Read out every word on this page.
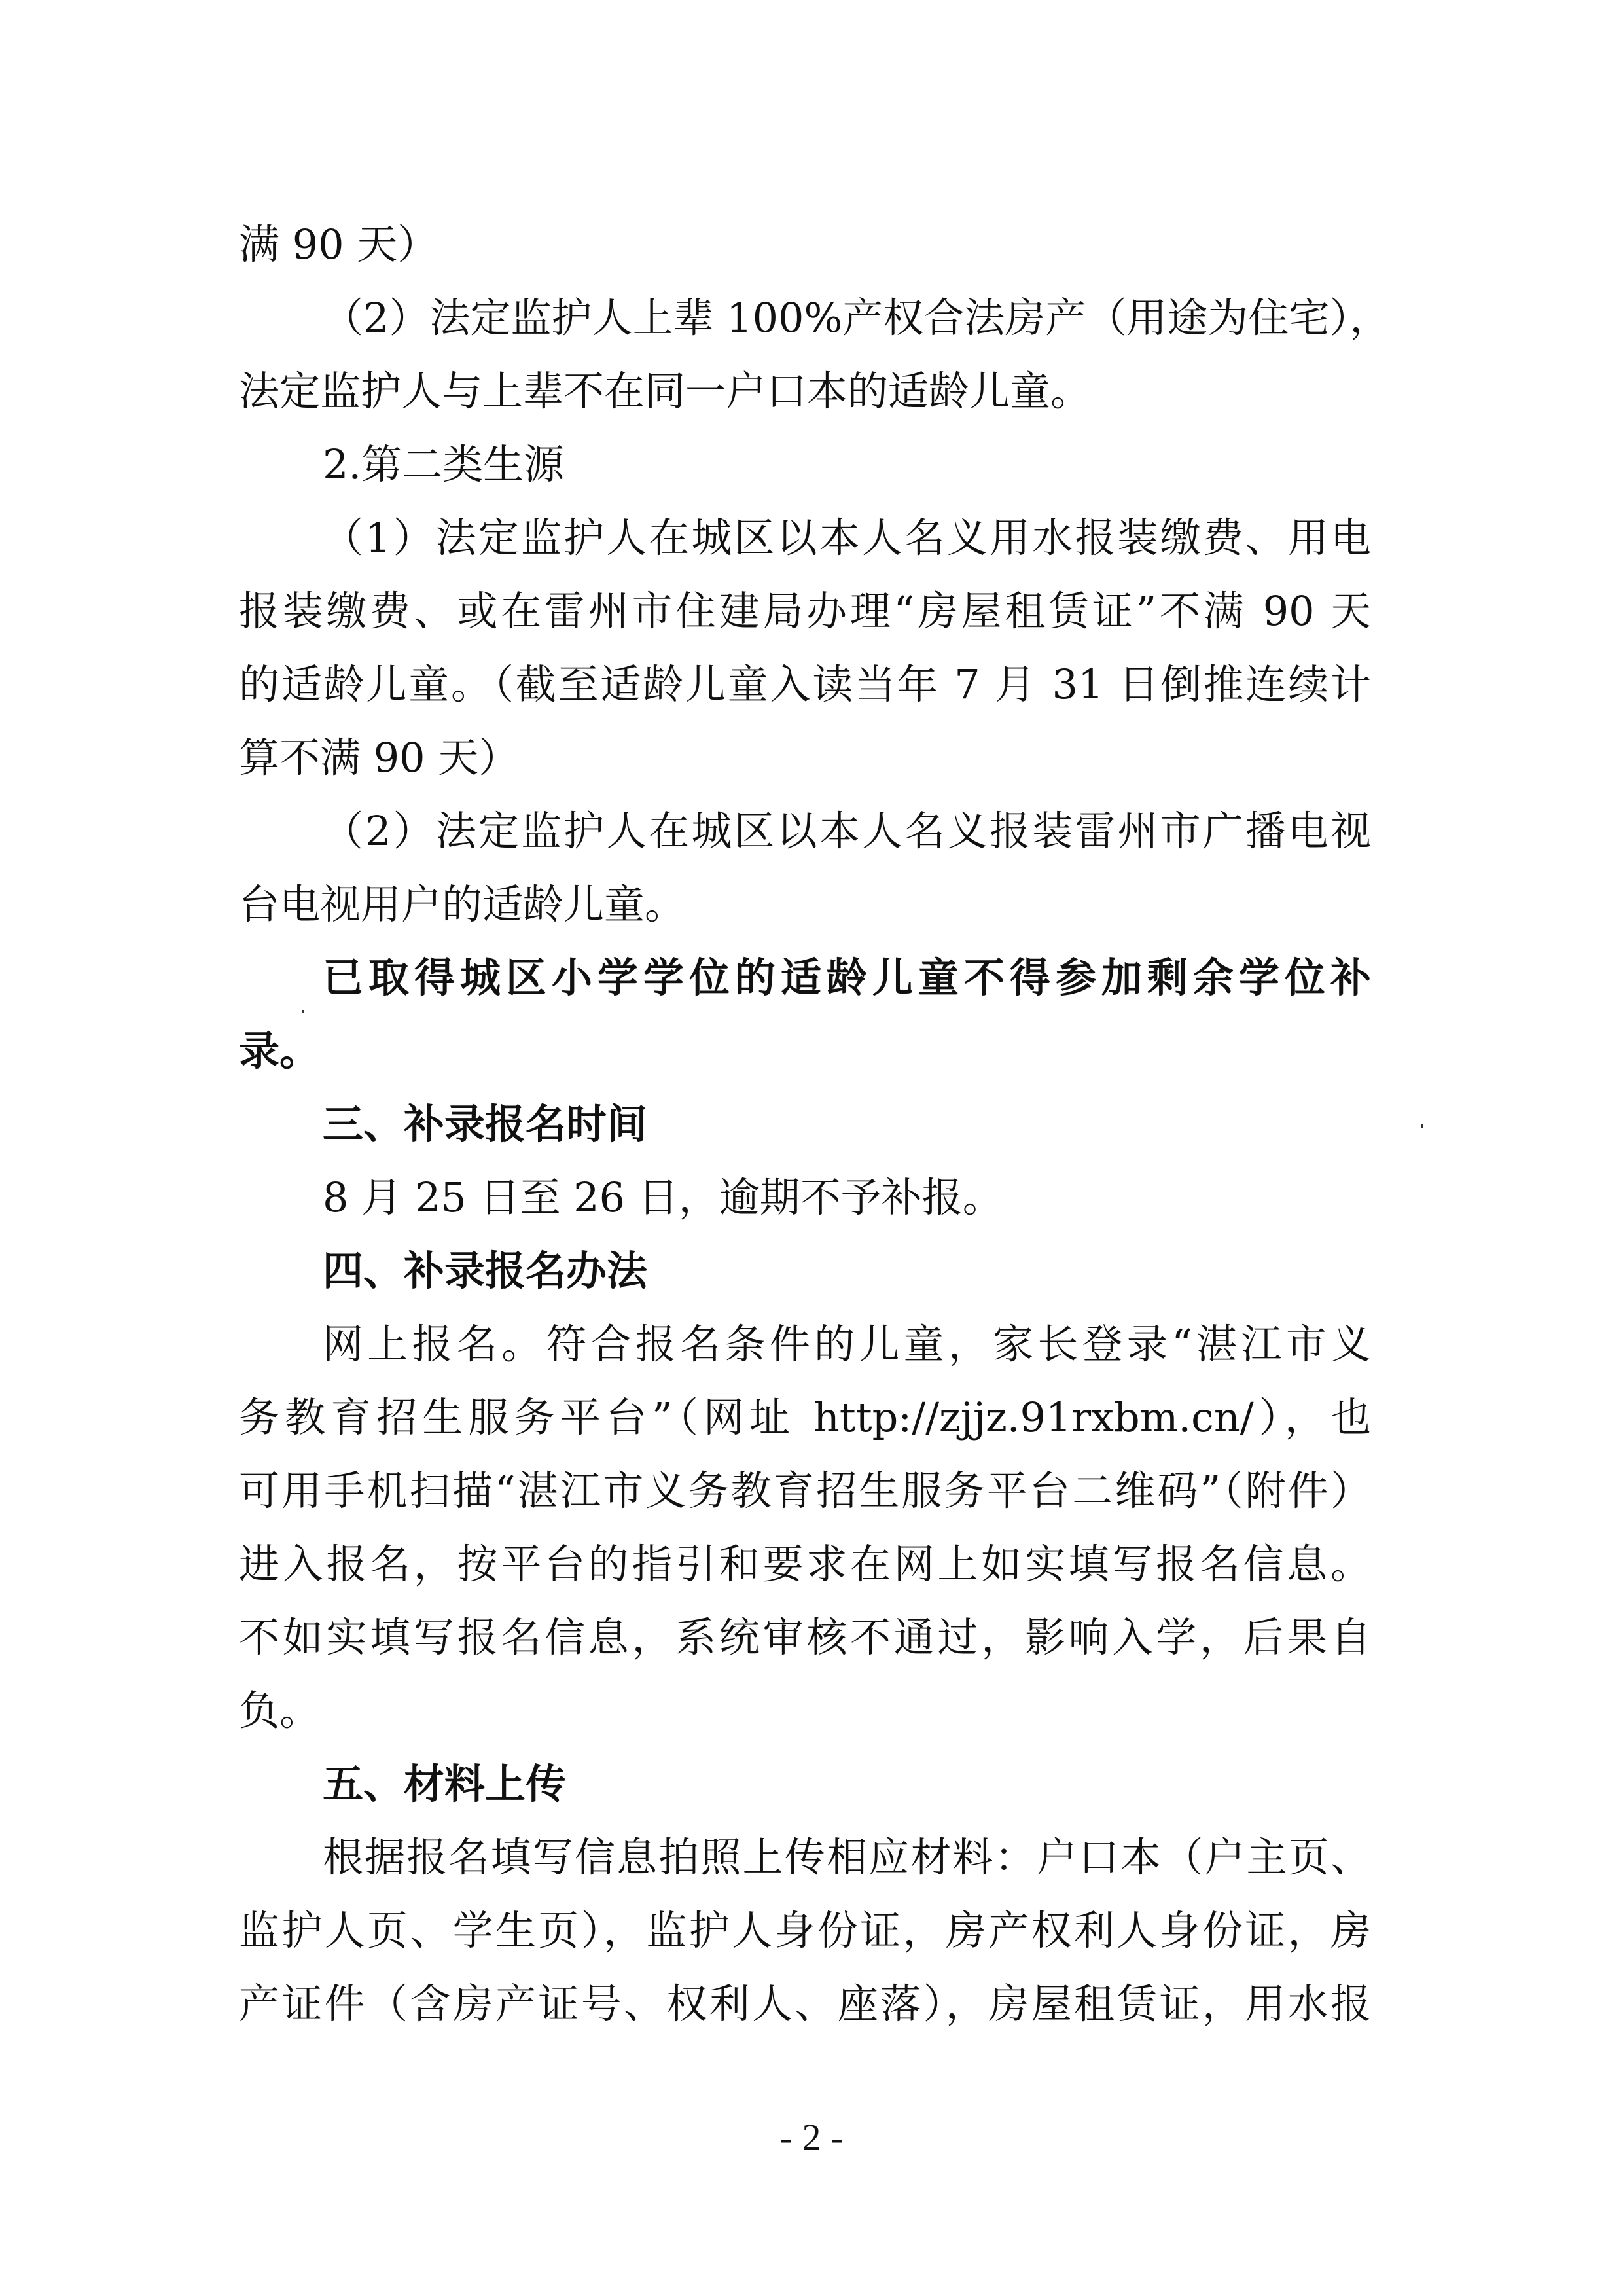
满 90 天）
（2）法定监护人上辈 100%产权合法房产（用途为住宅），
法定监护人与上辈不在同一户口本的适龄儿童。
2.第二类生源
（1）法定监护人在城区以本人名义用水报装缴费、用电
报装缴费、或在雷州市住建局办理“房屋租赁证”不满 90 天
的适龄儿童。（截至适龄儿童入读当年 7 月 31 日倒推连续计
算不满 90 天）
（2）法定监护人在城区以本人名义报装雷州市广播电视
台电视用户的适龄儿童。
已取得城区小学学位的适龄儿童不得参加剩余学位补
录。
三、补录报名时间
8 月 25 日至 26 日，逾期不予补报。
四、补录报名办法
网上报名。符合报名条件的儿童，家长登录“湛江市义
务教育招生服务平台”（网址 http://zjjz.91rxbm.cn/），也
可用手机扫描“湛江市义务教育招生服务平台二维码”（附件）
进入报名，按平台的指引和要求在网上如实填写报名信息。
不如实填写报名信息，系统审核不通过，影响入学，后果自
负。
五、材料上传
根据报名填写信息拍照上传相应材料：户口本（户主页、
监护人页、学生页），监护人身份证，房产权利人身份证，房
产证件（含房产证号、权利人、座落），房屋租赁证，用水报
- 2 -
